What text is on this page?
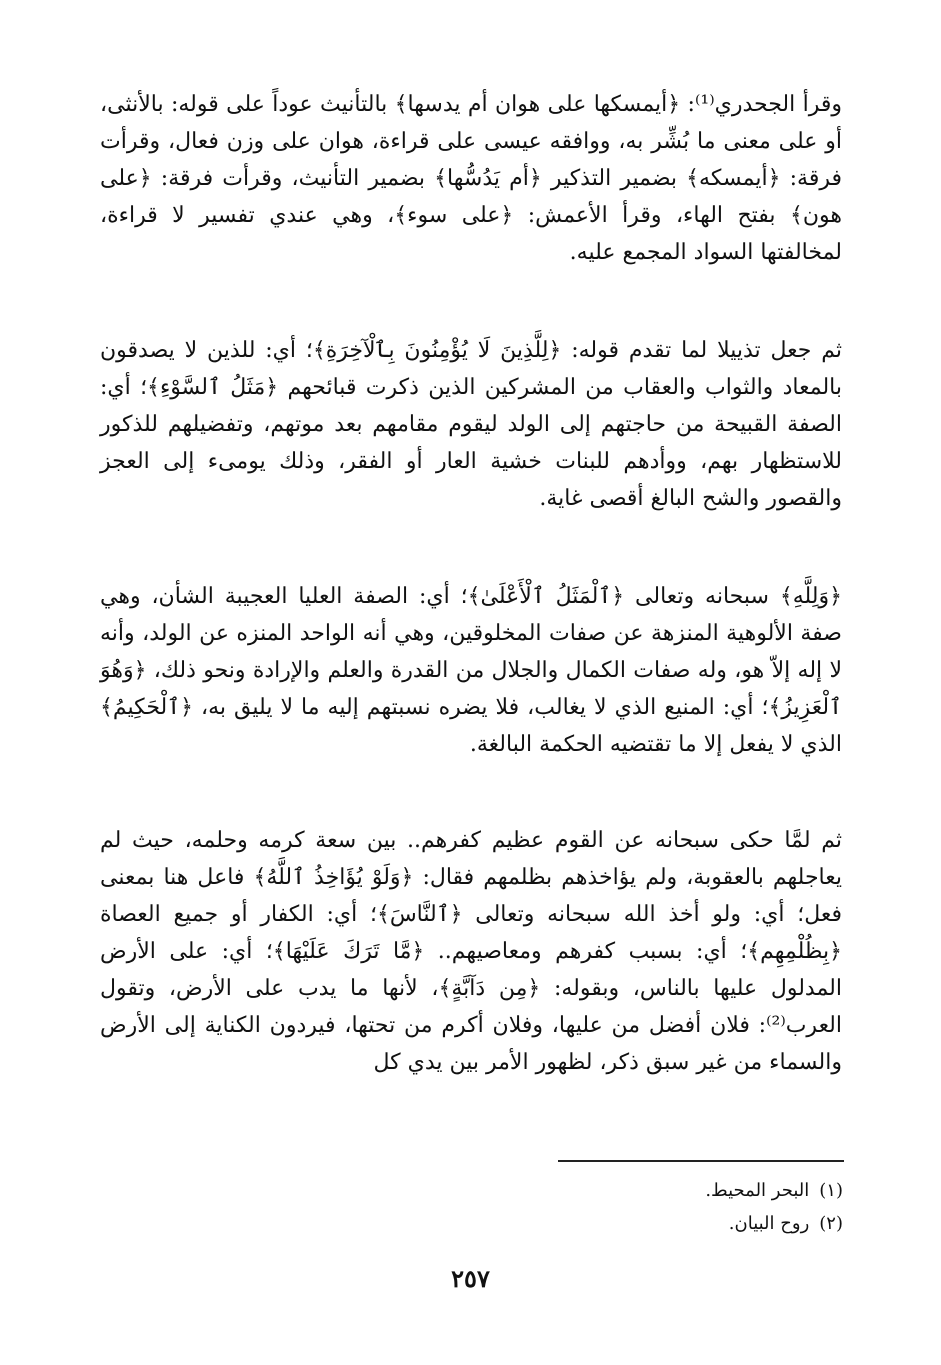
وقرأ الجحدري⁽¹⁾: ﴿أيمسكها على هوان أم يدسها﴾ بالتأنيث عوداً على قوله: بالأنثى، أو على معنى ما بُشِّر به، ووافقه عيسى على قراءة، هوان على وزن فعال، وقرأت فرقة: ﴿أيمسكه﴾ بضمير التذكير ﴿أم يَدُسُّها﴾ بضمير التأنيث، وقرأت فرقة: ﴿على هون﴾ بفتح الهاء، وقرأ الأعمش: ﴿على سوء﴾، وهي عندي تفسير لا قراءة، لمخالفتها السواد المجمع عليه.

ثم جعل تذييلا لما تقدم قوله: ﴿لِلَّذِينَ لَا يُؤْمِنُونَ بِٱلْآخِرَةِ﴾؛ أي: للذين لا يصدقون بالمعاد والثواب والعقاب من المشركين الذين ذكرت قبائحهم ﴿مَثَلُ ٱلسَّوْءِ﴾؛ أي: الصفة القبيحة من حاجتهم إلى الولد ليقوم مقامهم بعد موتهم، وتفضيلهم للذكور للاستظهار بهم، ووأدهم للبنات خشية العار أو الفقر، وذلك يومىء إلى العجز والقصور والشح البالغ أقصى غاية.

﴿وَلِلَّهِ﴾ سبحانه وتعالى ﴿ٱلْمَثَلُ ٱلْأَعْلَىٰ﴾؛ أي: الصفة العليا العجيبة الشأن، وهي صفة الألوهية المنزهة عن صفات المخلوقين، وهي أنه الواحد المنزه عن الولد، وأنه لا إله إلاّ هو، وله صفات الكمال والجلال من القدرة والعلم والإرادة ونحو ذلك، ﴿وَهُوَ ٱلْعَزِيزُ﴾؛ أي: المنيع الذي لا يغالب، فلا يضره نسبتهم إليه ما لا يليق به، ﴿ٱلْحَكِيمُ﴾ الذي لا يفعل إلا ما تقتضيه الحكمة البالغة.

ثم لمَّا حكى سبحانه عن القوم عظيم كفرهم.. بين سعة كرمه وحلمه، حيث لم يعاجلهم بالعقوبة، ولم يؤاخذهم بظلمهم فقال: ﴿وَلَوْ يُؤَاخِذُ ٱللَّهُ﴾ فاعل هنا بمعنى فعل؛ أي: ولو أخذ الله سبحانه وتعالى ﴿ٱلنَّاسَ﴾؛ أي: الكفار أو جميع العصاة ﴿بِظُلْمِهِم﴾؛ أي: بسبب كفرهم ومعاصيهم.. ﴿مَّا تَرَكَ عَلَيْهَا﴾؛ أي: على الأرض المدلول عليها بالناس، وبقوله: ﴿مِن دَآبَّةٍ﴾، لأنها ما يدب على الأرض، وتقول العرب⁽²⁾: فلان أفضل من عليها، وفلان أكرم من تحتها، فيردون الكناية إلى الأرض والسماء من غير سبق ذكر، لظهور الأمر بين يدي كل

(١)البحر المحيط.
(٢)روح البيان.
٢٥٧
